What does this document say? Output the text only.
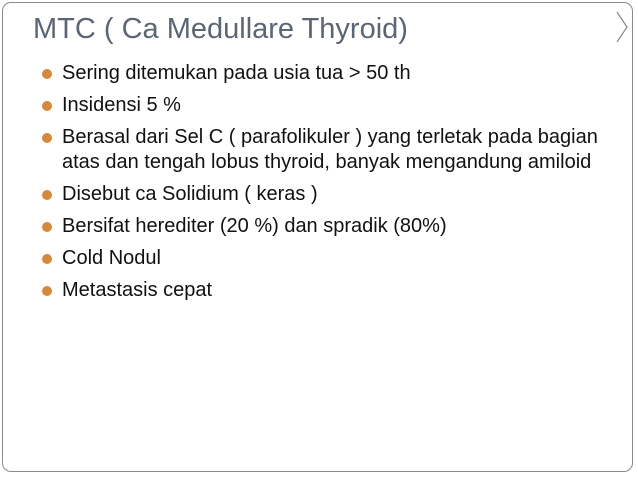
MTC ( Ca Medullare Thyroid)
Sering ditemukan pada usia tua > 50 th
Insidensi 5 %
Berasal dari Sel C ( parafolikuler ) yang terletak pada bagian atas dan tengah lobus thyroid, banyak mengandung amiloid
Disebut ca Solidium ( keras )
Bersifat herediter (20 %) dan spradik (80%)
Cold Nodul
Metastasis cepat
